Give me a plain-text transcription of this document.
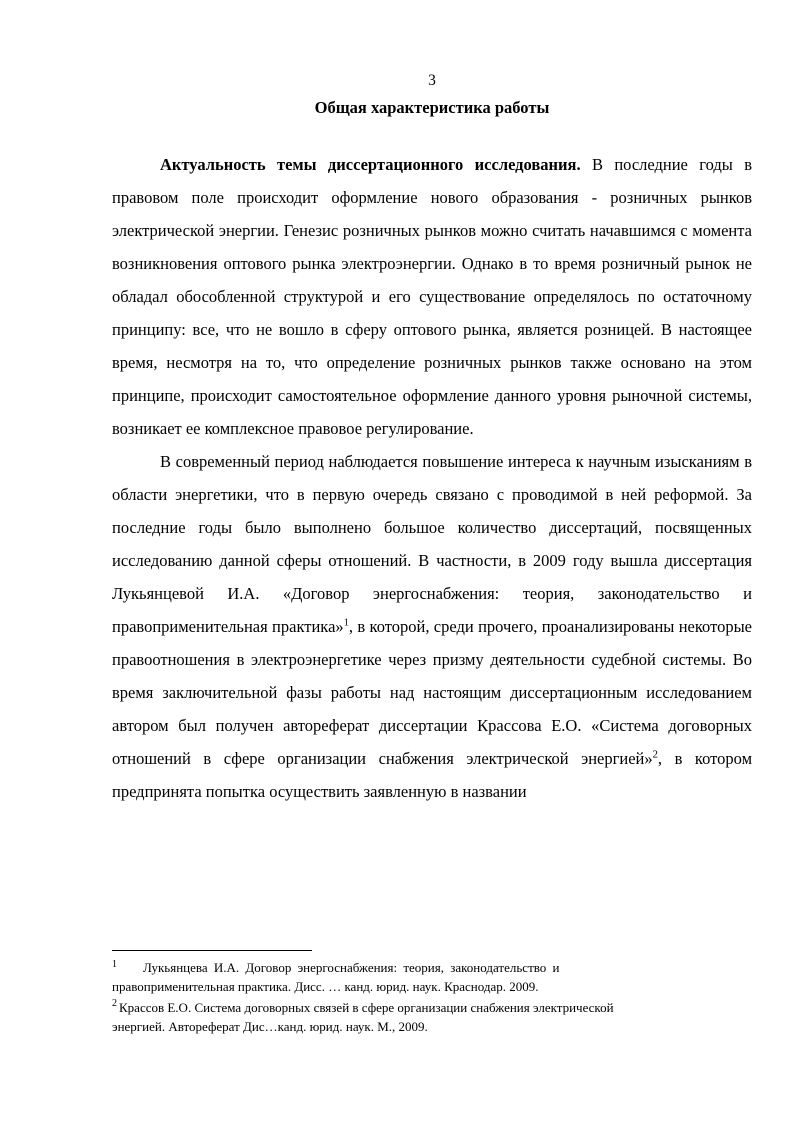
3
Общая характеристика работы

Актуальность темы диссертационного исследования. В последние годы в правовом поле происходит оформление нового образования - розничных рынков электрической энергии. Генезис розничных рынков можно считать начавшимся с момента возникновения оптового рынка электроэнергии. Однако в то время розничный рынок не обладал обособленной структурой и его существование определялось по остаточному принципу: все, что не вошло в сферу оптового рынка, является розницей. В настоящее время, несмотря на то, что определение розничных рынков также основано на этом принципе, происходит самостоятельное оформление данного уровня рыночной системы, возникает ее комплексное правовое регулирование.

В современный период наблюдается повышение интереса к научным изысканиям в области энергетики, что в первую очередь связано с проводимой в ней реформой. За последние годы было выполнено большое количество диссертаций, посвященных исследованию данной сферы отношений. В частности, в 2009 году вышла диссертация Лукьянцевой И.А. «Договор энергоснабжения: теория, законодательство и правоприменительная практика»$^1$, в которой, среди прочего, проанализированы некоторые правоотношения в электроэнергетике через призму деятельности судебной системы. Во время заключительной фазы работы над настоящим диссертационным исследованием автором был получен автореферат диссертации Крассова Е.О. «Система договорных отношений в сфере организации снабжения электрической энергией»$^2$, в котором предпринята попытка осуществить заявленную в названии

$^1$ Лукьянцева И.А. Договор энергоснабжения: теория, законодательство и
правоприменительная практика. Дисс. … канд. юрид. наук. Краснодар. 2009.
$^2$ Крассов Е.О. Система договорных связей в сфере организации снабжения электрической
энергией. Автореферат Дис…канд. юрид. наук. М., 2009.
